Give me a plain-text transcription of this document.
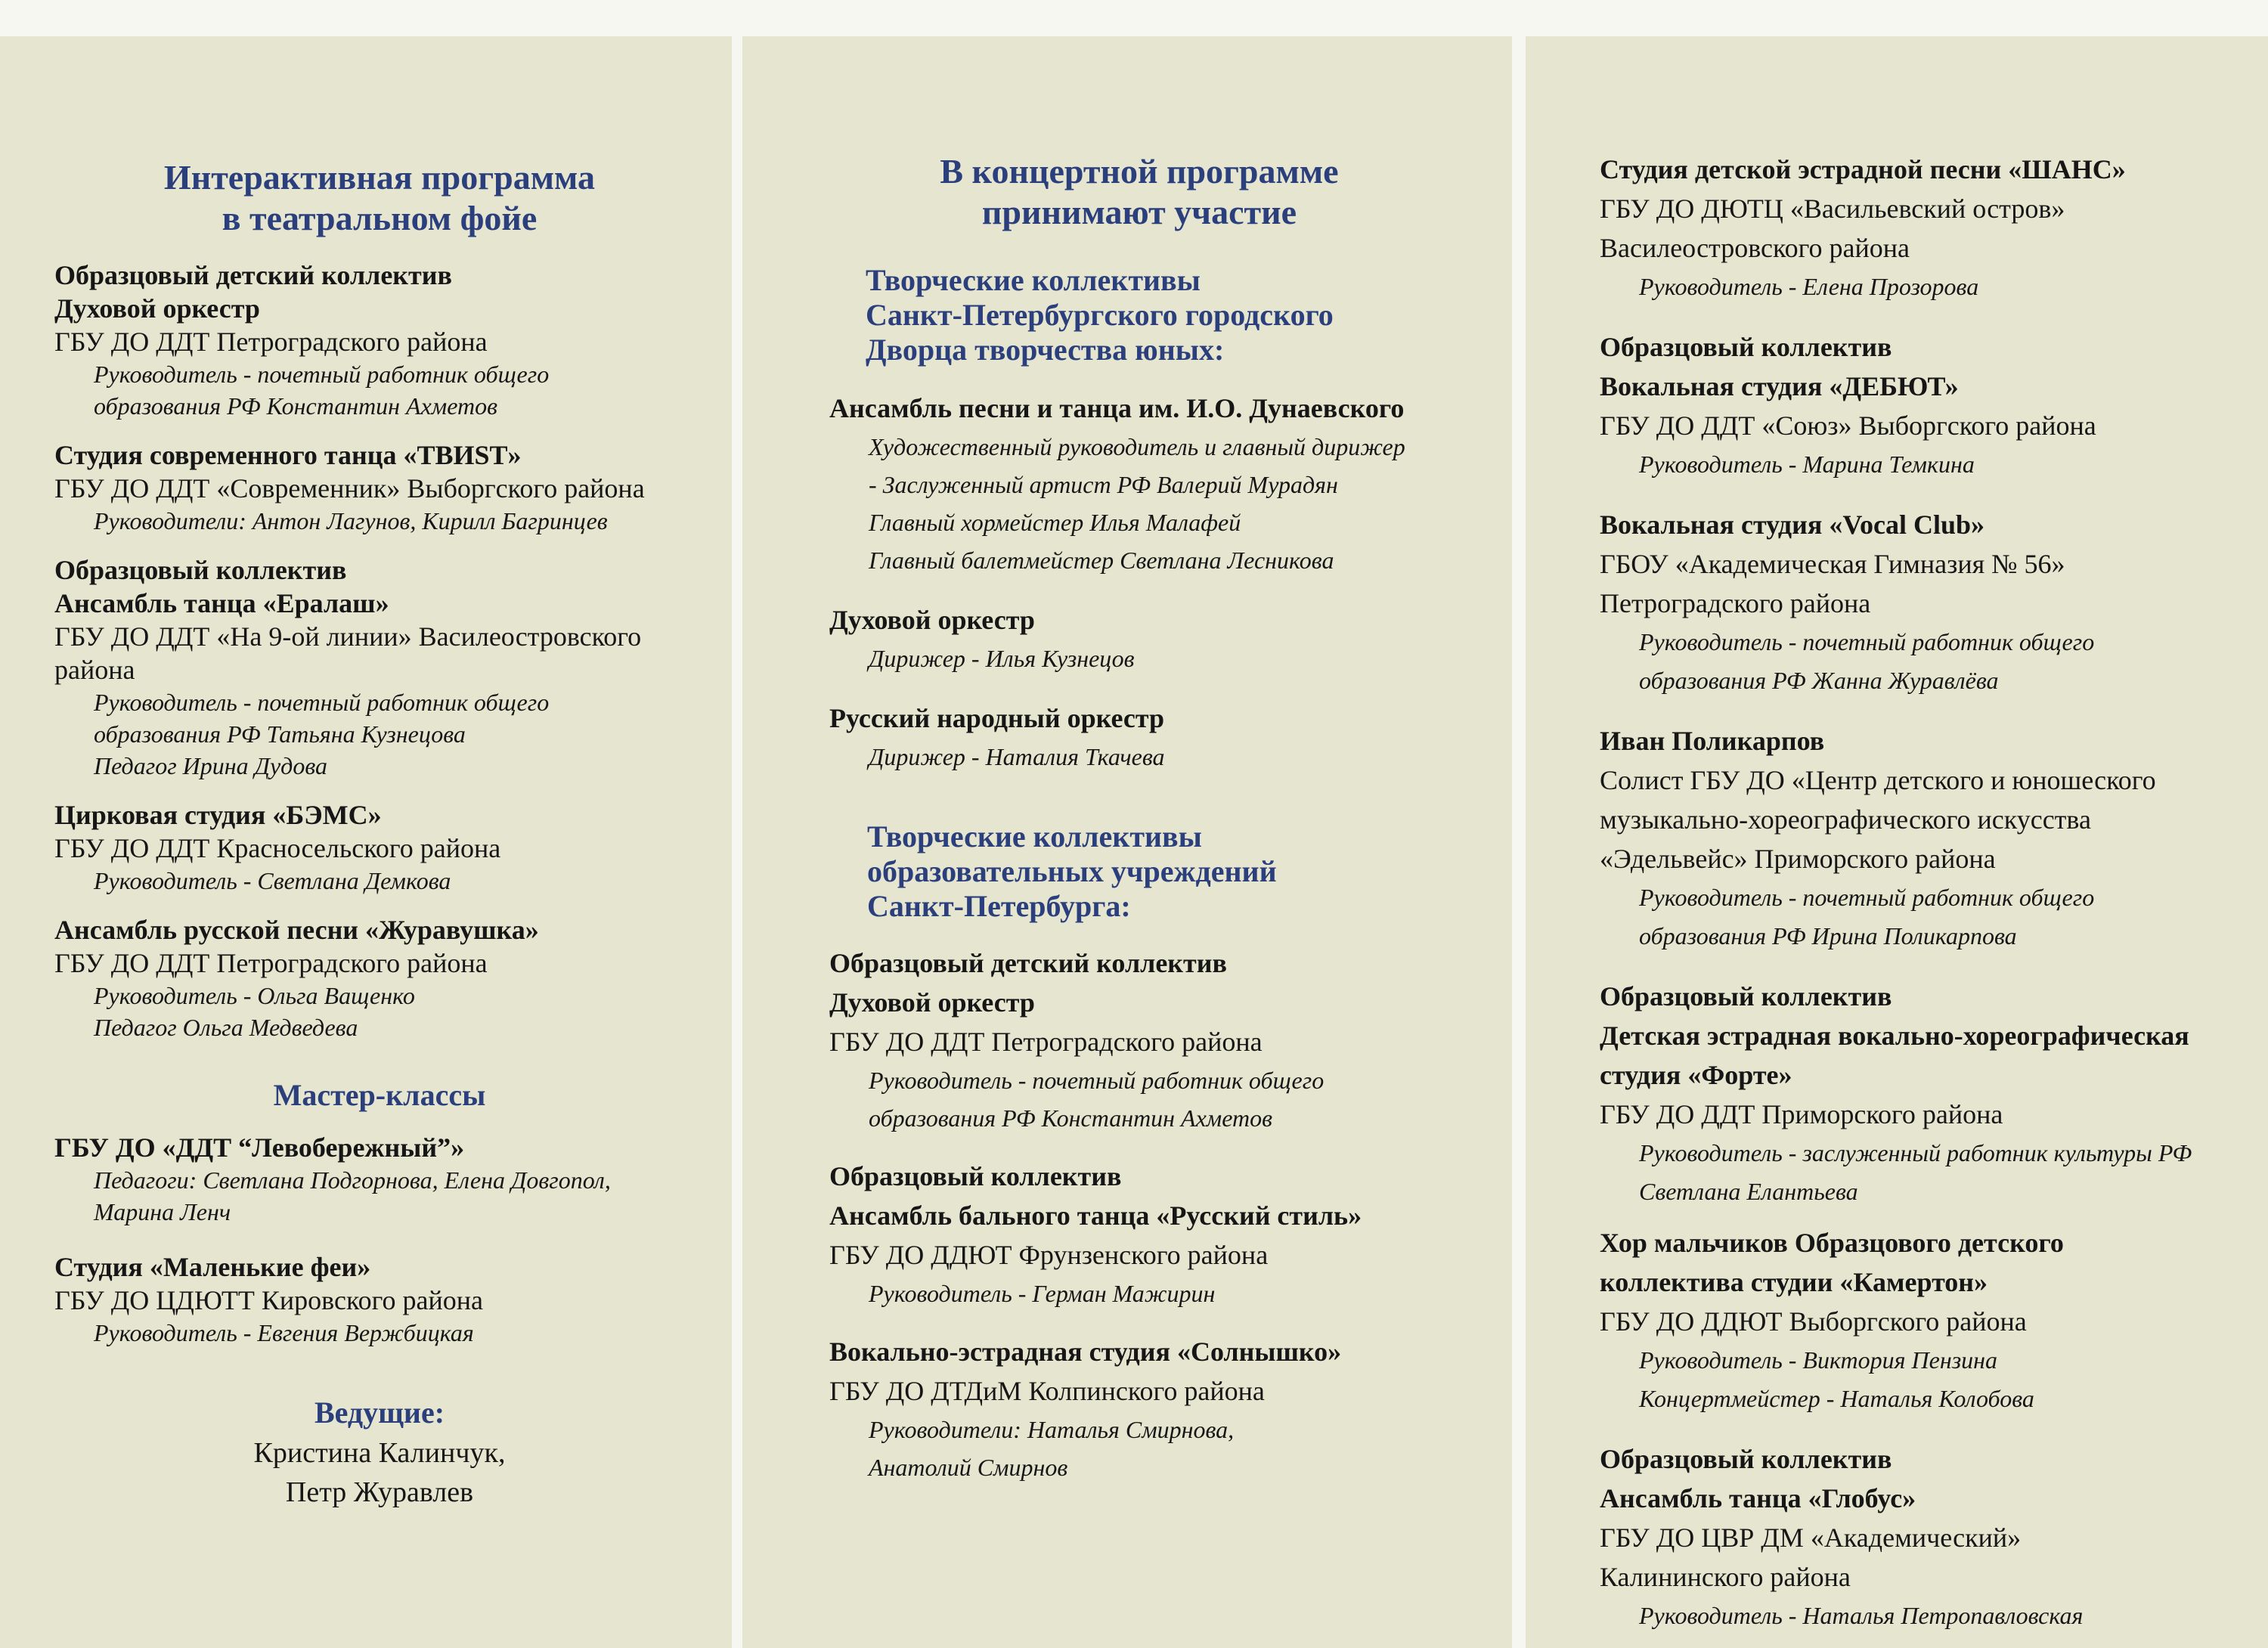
Интерактивная программа
в театральном фойе
Образцовый детский коллектив
Духовой оркестр
ГБУ ДО ДДТ Петроградского района
Руководитель - почетный работник общего
образования РФ Константин Ахметов
Студия современного танца «ТВИST»
ГБУ ДО ДДТ «Современник» Выборгского района
Руководители: Антон Лагунов, Кирилл Багринцев
Образцовый коллектив
Ансамбль танца «Ералаш»
ГБУ ДО ДДТ «На 9-ой линии» Василеостровского
района
Руководитель - почетный работник общего
образования РФ Татьяна Кузнецова
Педагог Ирина Дудова
Цирковая студия «БЭМС»
ГБУ ДО ДДТ Красносельского района
Руководитель - Светлана Демкова
Ансамбль русской песни «Журавушка»
ГБУ ДО ДДТ Петроградского района
Руководитель - Ольга Ващенко
Педагог Ольга Медведева
Мастер-классы
ГБУ ДО «ДДТ “Левобережный”»
Педагоги: Светлана Подгорнова, Елена Довгопол,
Марина Ленч
Студия «Маленькие феи»
ГБУ ДО ЦДЮТТ Кировского района
Руководитель - Евгения Вержбицкая
Ведущие:
Кристина Калинчук,
Петр Журавлев
В концертной программе
принимают участие
Творческие коллективы
Санкт-Петербургского городского
Дворца творчества юных:
Ансамбль песни и танца им. И.О. Дунаевского
Художественный руководитель и главный дирижер
- Заслуженный артист РФ Валерий Мурадян
Главный хормейстер Илья Малафей
Главный балетмейстер Светлана Лесникова
Духовой оркестр
Дирижер - Илья Кузнецов
Русский народный оркестр
Дирижер - Наталия Ткачева
Творческие коллективы
образовательных учреждений
Санкт-Петербурга:
Образцовый детский коллектив
Духовой оркестр
ГБУ ДО ДДТ Петроградского района
Руководитель - почетный работник общего
образования РФ Константин Ахметов
Образцовый коллектив
Ансамбль бального танца «Русский стиль»
ГБУ ДО ДДЮТ Фрунзенского района
Руководитель - Герман Мажирин
Вокально-эстрадная студия «Солнышко»
ГБУ ДО ДТДиМ Колпинского района
Руководители: Наталья Смирнова,
Анатолий Смирнов
Студия детской эстрадной песни «ШАНС»
ГБУ ДО ДЮТЦ «Васильевский остров»
Василеостровского района
Руководитель - Елена Прозорова
Образцовый коллектив
Вокальная студия «ДЕБЮТ»
ГБУ ДО ДДТ «Союз» Выборгского района
Руководитель - Марина Темкина
Вокальная студия «Vocal Club»
ГБОУ «Академическая Гимназия № 56»
Петроградского района
Руководитель - почетный работник общего
образования РФ Жанна Журавлёва
Иван Поликарпов
Солист ГБУ ДО «Центр детского и юношеского
музыкально-хореографического искусства
«Эдельвейс» Приморского района
Руководитель - почетный работник общего
образования РФ Ирина Поликарпова
Образцовый коллектив
Детская эстрадная вокально-хореографическая
студия «Форте»
ГБУ ДО ДДТ Приморского района
Руководитель - заслуженный работник культуры РФ
Светлана Елантьева
Хор мальчиков Образцового детского
коллектива студии «Камертон»
ГБУ ДО ДДЮТ Выборгского района
Руководитель - Виктория Пензина
Концертмейстер - Наталья Колобова
Образцовый коллектив
Ансамбль танца «Глобус»
ГБУ ДО ЦВР ДМ «Академический»
Калининского района
Руководитель - Наталья Петропавловская
